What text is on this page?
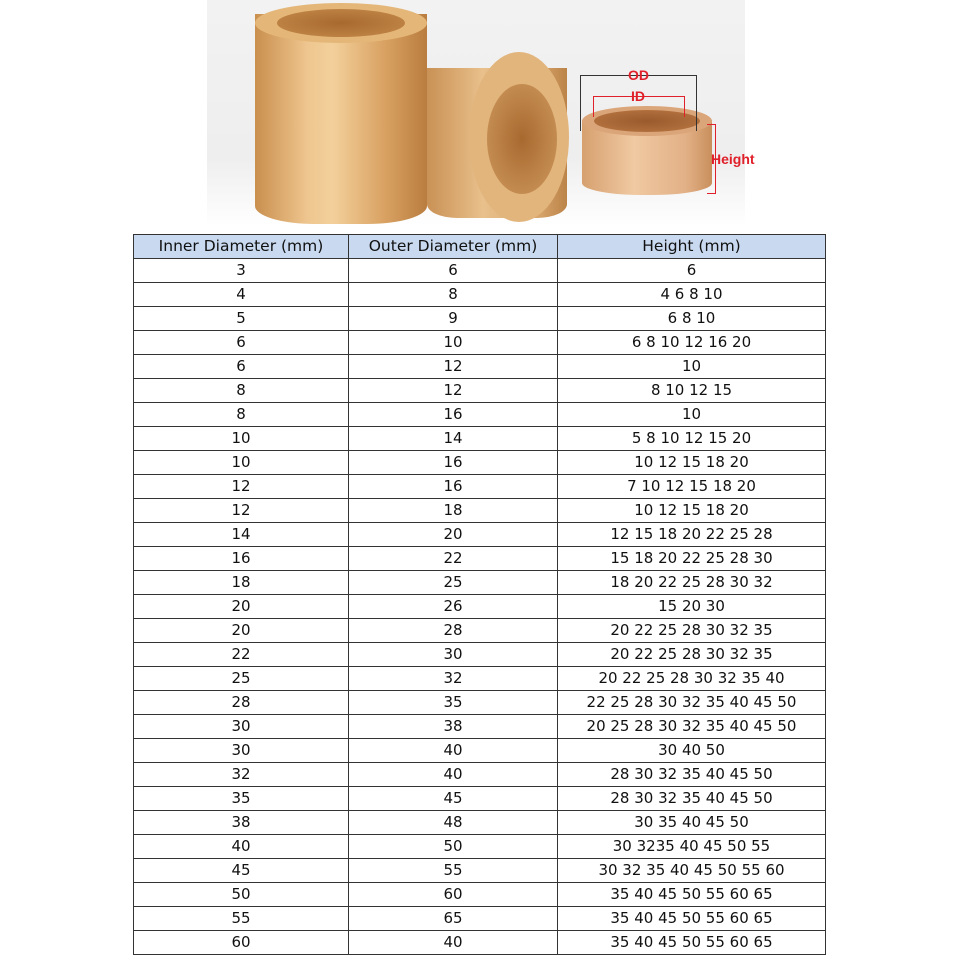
OD
ID
Height
Inner Diameter (mm)	Outer Diameter (mm)	Height (mm)
3	6	6
4	8	4 6 8 10
5	9	6 8 10
6	10	6 8 10 12 16 20
6	12	10
8	12	8 10 12 15
8	16	10
10	14	5 8 10 12 15 20
10	16	10 12 15 18 20
12	16	7 10 12 15 18 20
12	18	10 12 15 18 20
14	20	12 15 18 20 22 25 28
16	22	15 18 20 22 25 28 30
18	25	18 20 22 25 28 30 32
20	26	15 20 30
20	28	20 22 25 28 30 32 35
22	30	20 22 25 28 30 32 35
25	32	20 22 25 28 30 32 35 40
28	35	22 25 28 30 32 35 40 45 50
30	38	20 25 28 30 32 35 40 45 50
30	40	30 40 50
32	40	28 30 32 35 40 45 50
35	45	28 30 32 35 40 45 50
38	48	30 35 40 45 50
40	50	30 3235 40 45 50 55
45	55	30 32 35 40 45 50 55 60
50	60	35 40 45 50 55 60 65
55	65	35 40 45 50 55 60 65
60	40	35 40 45 50 55 60 65
